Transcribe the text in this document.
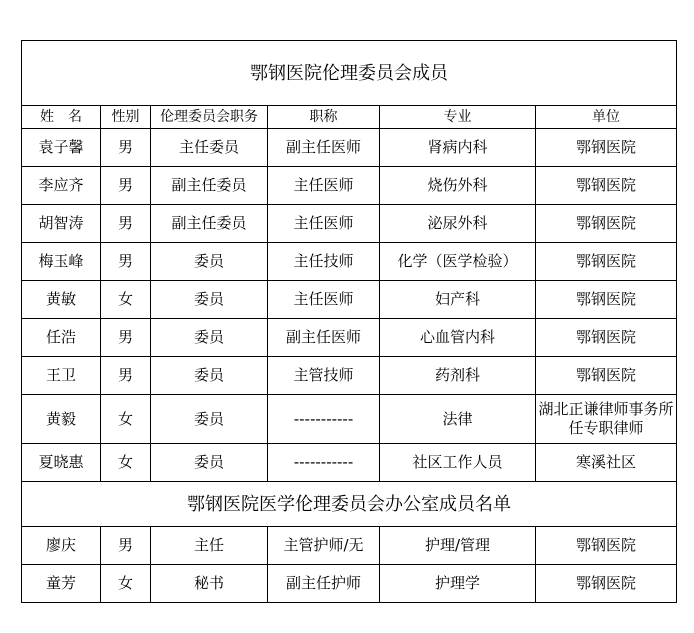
鄂钢医院伦理委员会成员					
姓　名	性别	伦理委员会职务	职称	专业	单位
袁子馨	男	主任委员	副主任医师	肾病内科	鄂钢医院
李应齐	男	副主任委员	主任医师	烧伤外科	鄂钢医院
胡智涛	男	副主任委员	主任医师	泌尿外科	鄂钢医院
梅玉峰	男	委员	主任技师	化学（医学检验）	鄂钢医院
黄敏	女	委员	主任医师	妇产科	鄂钢医院
任浩	男	委员	副主任医师	心血管内科	鄂钢医院
王卫	男	委员	主管技师	药剂科	鄂钢医院
黄毅	女	委员	-----------	法律	湖北正谦律师事务所任专职律师
夏晓惠	女	委员	-----------	社区工作人员	寒溪社区
鄂钢医院医学伦理委员会办公室成员名单					
廖庆	男	主任	主管护师/无	护理/管理	鄂钢医院
童芳	女	秘书	副主任护师	护理学	鄂钢医院
